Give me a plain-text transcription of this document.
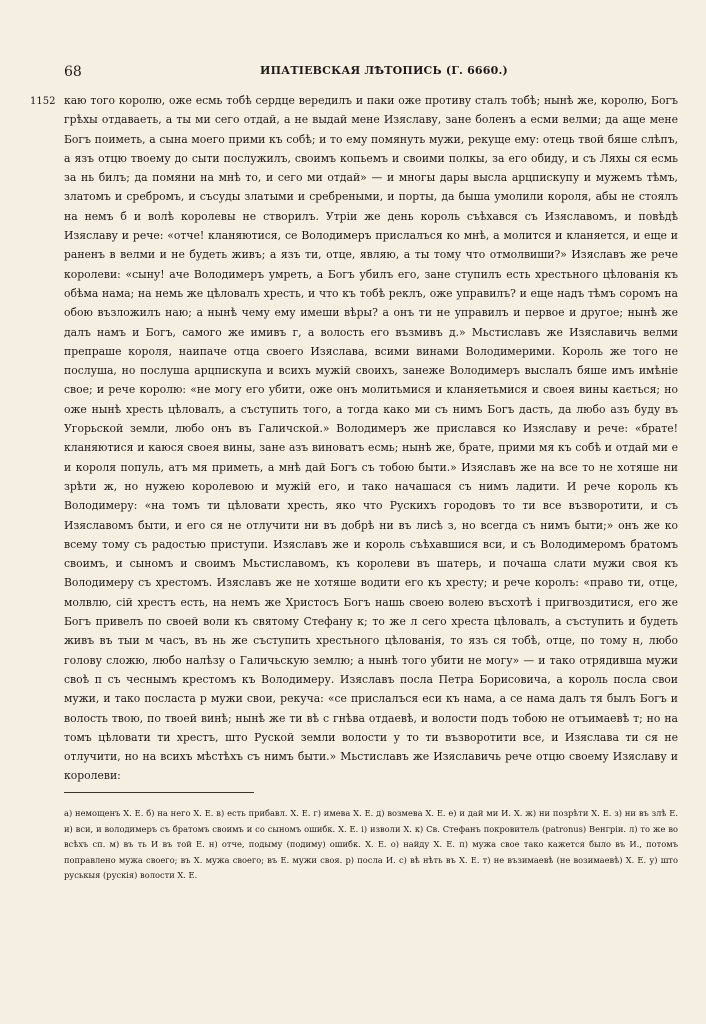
68	ИПАТІЕВСКАЯ ЛѢТОПИСЬ (Г. 6660.)
1152 каю того королю, оже есмь тобѣ сердце вередилъ и паки оже противу сталъ тобѣ; нынѣ же, королю, Богъ грѣхы отдаваеть, а ты ми сего отдай, а не выдай мене Изяславу, зане боленъ а есми велми; да аще мене Богъ поиметь, а сына моего прими къ собѣ; и то ему помянуть мужи, рекуще ему: отець твой бяше слѣпъ, а язъ отцю твоему до сыти послужилъ, своимъ копьемъ и своими полкы, за его обиду, и съ Ляхы ся есмь за нь билъ; да помяни на мнѣ то, и сего ми отдай» — и многы дары высла арцпискупу и мужемъ тѣмъ, златомъ и сребромъ, и съсуды златыми и сребреными, и порты, да быша умолили короля, абы не стоялъ на немъ б и волѣ королевы не створилъ. Утріи же день король съѣхався съ Изяславомъ, и повѣдѣ Изяславу и рече: «отче! кланяютися, се Володимеръ прислалъся ко мнѣ, а молится и кланяется, и еще и раненъ в велми и не будеть живъ; а язъ ти, отце, являю, а ты тому что отмолвиши?» Изяславъ же рече королеви: «сыну! аче Володимеръ умреть, а Богъ убилъ его, зане ступилъ есть хрестьного цѣлованія къ обѣма нама; на немь же цѣловалъ хресть, и что къ тобѣ реклъ, оже управилъ? и еще надъ тѣмъ соромъ на обою възложилъ наю; а нынѣ чему ему имеши вѣры? а онъ ти не управилъ и первое и другое; нынѣ же далъ намъ и Богъ, самого же имивъ г, а волость его възмивъ д.» Мьстиславъ же Изяславичь велми препраше короля, наипаче отца своего Изяслава, всими винами Володимерими. Король же того не послуша, но послуша арцпискупа и всихъ мужій своихъ, занеже Володимеръ выслалъ бяше имъ имѣніе свое; и рече королю: «не могу его убити, оже онъ молитьмися и кланяетьмися и своея вины кається; но оже нынѣ хресть цѣловалъ, а съступить того, а тогда како ми съ нимъ Богъ дасть, да любо азъ буду въ Угорьской земли, любо онъ въ Галичской.» Володимеръ же прислався ко Изяславу и рече: «брате! кланяютися и каюся своея вины, зане азъ виноватъ есмь; нынѣ же, брате, прими мя къ собѣ и отдай ми е и короля популь, атъ мя приметь, а мнѣ дай Богъ съ тобою быти.» Изяславъ же на все то не хотяше ни зрѣти ж, но нужею королевою и мужій его, и тако начашася съ нимъ ладити. И рече король къ Володимеру: «на томъ ти цѣловати хресть, яко что Рускихъ городовъ то ти все възворотити, и съ Изяславомъ быти, и его ся не отлучити ни въ добрѣ ни въ лисѣ з, но всегда съ нимъ быти;» онъ же ко всему тому съ радостью приступи. Изяславъ же и король съѣхавшися вси, и съ Володимеромъ братомъ своимъ, и сыномъ и своимъ Мьстиславомъ, къ королеви въ шатерь, и почаша слати мужи своя къ Володимеру съ хрестомъ. Изяславъ же не хотяше водити его къ хресту; и рече королъ: «право ти, отце, молвлю, сій хрестъ есть, на немъ же Христосъ Богъ нашь своею волею въсхотѣ і пригвоздитися, его же Богъ привелъ по своей воли къ святому Стефану к; то же л сего хреста цѣловалъ, а съступить и будеть живъ въ тыи м часъ, въ нь же съступить хрестьного цѣлованія, то язъ ся тобѣ, отце, по тому н, любо голову сложю, любо налѣзу о Галичьскую землю; а нынѣ того убити не могу» — и тако отрядивша мужи своѣ п съ чеснымъ крестомъ къ Володимеру. Изяславъ посла Петра Борисовича, а король посла свои мужи, и тако посласта р мужи свои, рекуча: «се прислалъся еси къ нама, а се нама далъ тя былъ Богъ и волость твою, по твоей винѣ; нынѣ же ти вѣ с гнѣва отдаевѣ, и волости подъ тобою не отъимаевѣ т; но на томъ цѣловати ти хрестъ, што Руской земли волости у то ти възворотити все, и Изяслава ти ся не отлучити, но на всихъ мѣстѣхъ съ нимъ быти.» Мьстиславъ же Изяславичь рече отцю своему Изяславу и королеви:

а) немощенъ Х. Е. б) на него Х. Е. в) есть прибавл. Х. Е. г) имева Х. Е. д) возмева Х. Е. е) и дай ми И. Х. ж) ни позрѣти Х. Е. з) ни въ злѣ Е. и) вси, и володимеръ съ братомъ своимъ и со сыномъ ошибк. Х. Е. і) изволи Х. к) Св. Стефанъ покровитель (patronus) Венгріи. л) то же во всѣхъ сп. м) въ ть И въ той Е. н) отче, подыму (подиму) ошибк. Х. Е. о) найду Х. Е. п) мужа свое тако кажется было въ И., потомъ поправлено мужа своего; въ Х. мужа своего; въ Е. мужи своя. р) посла И. с) вѣ нѣть въ Х. Е. т) не възимаевѣ (не возимаевѣ) Х. Е. у) што руськыя (рускія) волости Х. Е.
